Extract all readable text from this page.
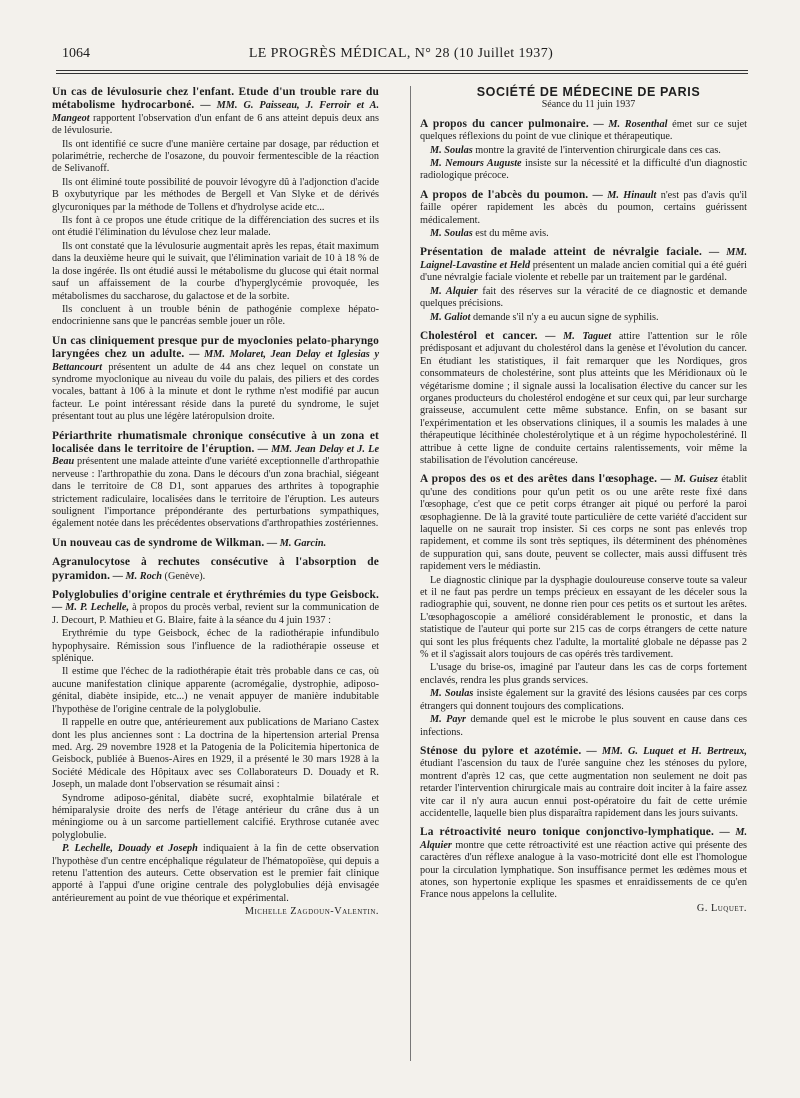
1064	LE PROGRÈS MÉDICAL, N° 28 (10 Juillet 1937)

Un cas de lévulosurie chez l'enfant. Etude d'un trouble rare du métabolisme hydrocarboné. — MM. G. Paisseau, J. Ferroir et A. Mangeot rapportent l'observation d'un enfant de 6 ans atteint depuis deux ans de lévulosurie.

Ils ont identifié ce sucre d'une manière certaine par dosage, par réduction et polarimétrie, recherche de l'osazone, du pouvoir fermentescible de la réaction de Selivanoff.

Ils ont éliminé toute possibilité de pouvoir lévogyre dû à l'adjonction d'acide B oxybutyrique par les méthodes de Bergell et Van Slyke et de dérivés glycuroniques par la méthode de Tollens et d'hydrolyse acide etc...

Ils font à ce propos une étude critique de la différenciation des sucres et ils ont étudié l'élimination du lévulose chez leur malade.

Ils ont constaté que la lévulosurie augmentait après les repas, était maximum dans la deuxième heure qui le suivait, que l'élimination variait de 10 à 18 % de la dose ingérée. Ils ont étudié aussi le métabolisme du glucose qui était normal sauf un affaissement de la courbe d'hyperglycémie provoquée, les métabolismes du saccharose, du galactose et de la sorbite.

Ils concluent à un trouble bénin de pathogénie complexe hépato-endocrinienne sans que le pancréas semble jouer un rôle.

Un cas cliniquement presque pur de myoclonies pelato-pharyngo laryngées chez un adulte. — MM. Molaret, Jean Delay et Iglesias y Bettancourt présentent un adulte de 44 ans chez lequel on constate un syndrome myoclonique au niveau du voile du palais, des piliers et des cordes vocales, battant à 106 à la minute et dont le rythme n'est modifié par aucun facteur. Le point intéressant réside dans la pureté du syndrome, le sujet présentant tout au plus une légère latéropulsion droite.

Périarthrite rhumatismale chronique consécutive à un zona et localisée dans le territoire de l'éruption. — MM. Jean Delay et J. Le Beau présentent une malade atteinte d'une variété exceptionnelle d'arthropathie nerveuse : l'arthropathie du zona. Dans le décours d'un zona brachial, siégeant dans le territoire de C8 D1, sont apparues des arthrites à topographie strictement radiculaire, localisées dans le territoire de l'éruption. Les auteurs soulignent l'importance prépondérante des perturbations sympathiques, également notée dans les précédentes observations d'arthropathies zostériennes.

Un nouveau cas de syndrome de Wilkman. — M. Garcin.

Agranulocytose à rechutes consécutive à l'absorption de pyramidon. — M. Roch (Genève).

Polyglobulies d'origine centrale et érythrémies du type Geisbock. — M. P. Lechelle, à propos du procès verbal, revient sur la communication de J. Decourt, P. Mathieu et G. Blaire, faite à la séance du 4 juin 1937 :

Erythrémie du type Geisbock, échec de la radiothérapie infundibulo hypophysaire. Rémission sous l'influence de la radiothérapie osseuse et splénique.

Il estime que l'échec de la radiothérapie était très probable dans ce cas, où aucune manifestation clinique apparente (acromégalie, dystrophie, adiposo-génital, diabète insipide, etc...) ne venait appuyer de manière indubitable l'hypothèse de l'origine centrale de la polyglobulie.

Il rappelle en outre que, antérieurement aux publications de Mariano Castex dont les plus anciennes sont : La doctrina de la hipertension arterial Prensa med. Arg. 29 novembre 1928 et la Patogenia de la Policitemia hipertonica de Geisbock, publiée à Buenos-Aires en 1929, il a présenté le 30 mars 1928 à la Société Médicale des Hôpitaux avec ses Collaborateurs D. Douady et R. Joseph, un malade dont l'observation se résumait ainsi :

Syndrome adiposo-génital, diabète sucré, exophtalmie bilatérale et hémiparalysie droite des nerfs de l'étage antérieur du crâne dus à un méningiome ou à un sarcome partiellement calcifié. Erythrose cutanée avec polyglobulie.

P. Lechelle, Douady et Joseph indiquaient à la fin de cette observation l'hypothèse d'un centre encéphalique régulateur de l'hématopoïèse, qui depuis a retenu l'attention des auteurs. Cette observation est le premier fait clinique apporté à l'appui d'une origine centrale des polyglobulies déjà envisagée antérieurement au point de vue théorique et expérimental.

Michelle Zagdoun-Valentin.

SOCIÉTÉ DE MÉDECINE DE PARIS

Séance du 11 juin 1937

A propos du cancer pulmonaire. — M. Rosenthal émet sur ce sujet quelques réflexions du point de vue clinique et thérapeutique.

M. Soulas montre la gravité de l'intervention chirurgicale dans ces cas.

M. Nemours Auguste insiste sur la nécessité et la difficulté d'un diagnostic radiologique précoce.

A propos de l'abcès du poumon. — M. Hinault n'est pas d'avis qu'il faille opérer rapidement les abcès du poumon, certains guérissent médicalement.

M. Soulas est du même avis.

Présentation de malade atteint de névralgie faciale. — MM. Laignel-Lavastine et Held présentent un malade ancien comitial qui a été guéri d'une névralgie faciale violente et rebelle par un traitement par le gardénal.

M. Alquier fait des réserves sur la véracité de ce diagnostic et demande quelques précisions.

M. Galiot demande s'il n'y a eu aucun signe de syphilis.

Cholestérol et cancer. — M. Taguet attire l'attention sur le rôle prédisposant et adjuvant du cholestérol dans la genèse et l'évolution du cancer. En étudiant les statistiques, il fait remarquer que les Nordiques, gros consommateurs de cholestérine, sont plus atteints que les Méridionaux où le végétarisme domine ; il signale aussi la localisation élective du cancer sur les organes producteurs du cholestérol endogène et sur ceux qui, par leur surcharge graisseuse, accumulent cette même substance. Enfin, on se basant sur l'expérimentation et les observations cliniques, il a soumis les malades à une thérapeutique lécithinée cholestérolytique et à un régime hypocholestériné. Il attribue à cette ligne de conduite certains ralentissements, voir même la stabilisation de l'évolution cancéreuse.

A propos des os et des arêtes dans l'œsophage. — M. Guisez établit qu'une des conditions pour qu'un petit os ou une arête reste fixé dans l'œsophage, c'est que ce petit corps étranger ait piqué ou perforé la paroi œsophagienne. De là la gravité toute particulière de cette variété d'accident sur laquelle on ne saurait trop insister. Si ces corps ne sont pas enlevés trop rapidement, et comme ils sont très septiques, ils déterminent des phénomènes de suppuration qui, sans doute, peuvent se collecter, mais aussi diffusent très rapidement vers le médiastin.

Le diagnostic clinique par la dysphagie douloureuse conserve toute sa valeur et il ne faut pas perdre un temps précieux en essayant de les déceler sous la radiographie qui, souvent, ne donne rien pour ces petits os et surtout les arêtes. L'œsophagoscopie a amélioré considérablement le pronostic, et dans la statistique de l'auteur qui porte sur 215 cas de corps étrangers de cette nature qui sont les plus fréquents chez l'adulte, la mortalité globale ne dépasse pas 2 % et il s'agissait alors toujours de cas opérés très tardivement.

L'usage du brise-os, imaginé par l'auteur dans les cas de corps fortement enclavés, rendra les plus grands services.

M. Soulas insiste également sur la gravité des lésions causées par ces corps étrangers qui donnent toujours des complications.

M. Payr demande quel est le microbe le plus souvent en cause dans ces infections.

Sténose du pylore et azotémie. — MM. G. Luquet et H. Bertreux, étudiant l'ascension du taux de l'urée sanguine chez les sténoses du pylore, montrent d'après 12 cas, que cette augmentation non seulement ne doit pas retarder l'intervention chirurgicale mais au contraire doit inciter à la faire assez vite car il n'y aura aucun ennui post-opératoire du fait de cette urémie accidentelle, laquelle bien plus disparaîtra rapidement dans les jours suivants.

La rétroactivité neuro tonique conjonctivo-lymphatique. — M. Alquier montre que cette rétroactivité est une réaction active qui présente des caractères d'un réflexe analogue à la vaso-motricité dont elle est l'homologue pour la circulation lymphatique. Son insuffisance permet les œdèmes mous et atones, son hypertonie explique les spasmes et enraidissements de ce qu'en France nous appelons la cellulite.

G. Luquet.
